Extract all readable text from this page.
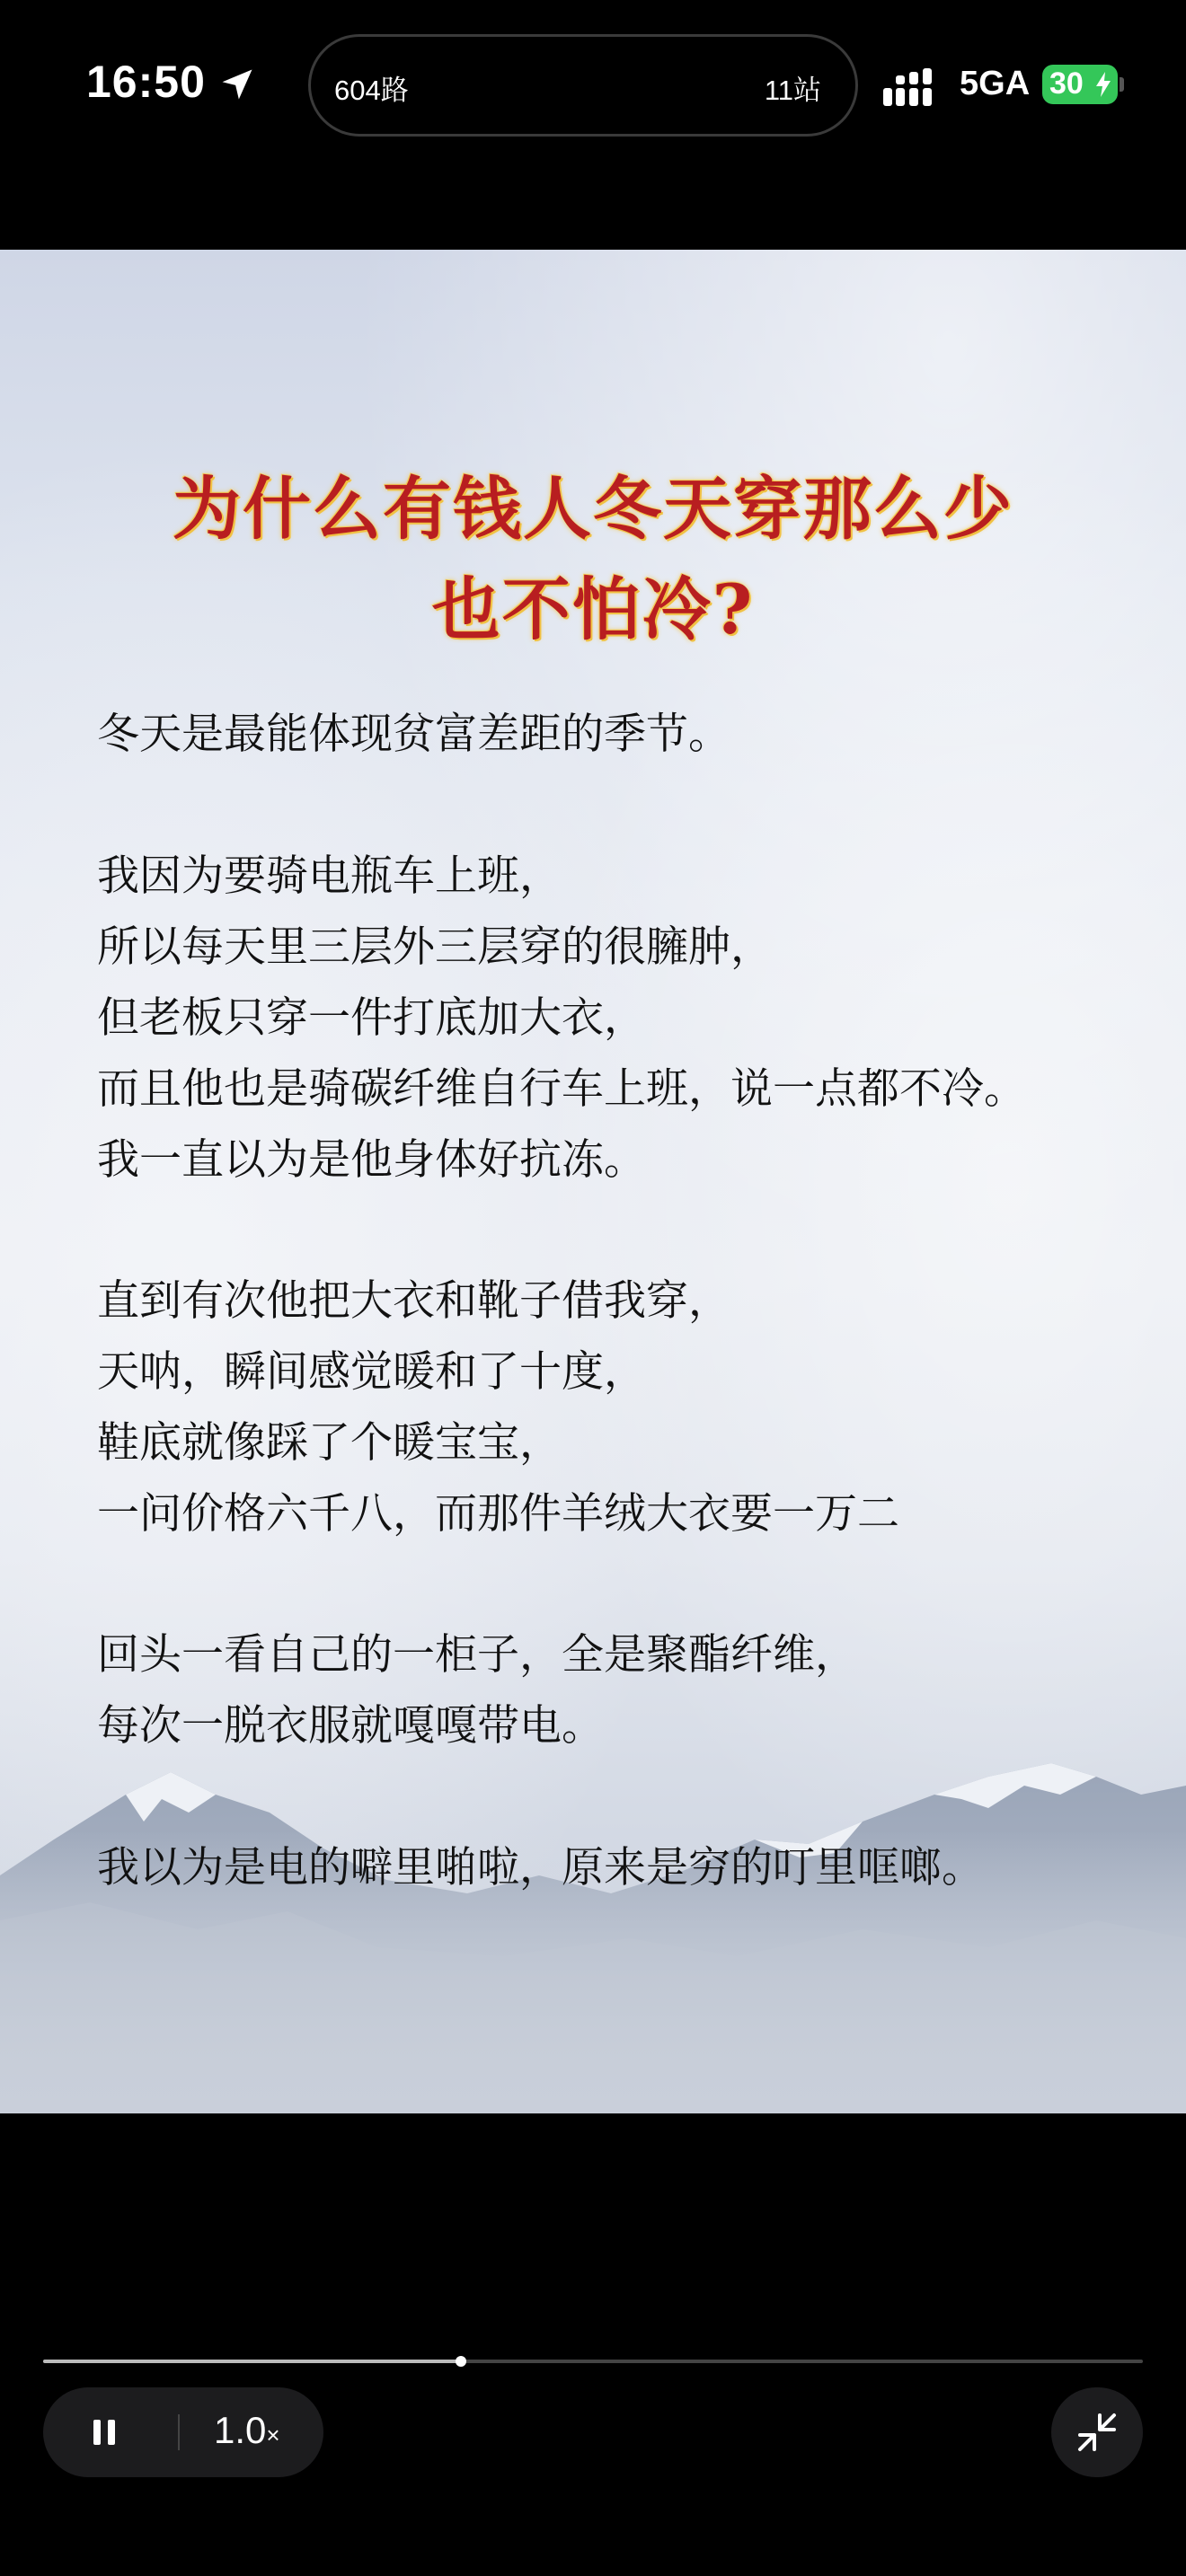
16:50	604路	11站	5GA 30
为什么有钱人冬天穿那么少
也不怕冷?
冬天是最能体现贫富差距的季节。
我因为要骑电瓶车上班，
所以每天里三层外三层穿的很臃肿，
但老板只穿一件打底加大衣，
而且他也是骑碳纤维自行车上班，说一点都不冷。
我一直以为是他身体好抗冻。
直到有次他把大衣和靴子借我穿，
天呐，瞬间感觉暖和了十度，
鞋底就像踩了个暖宝宝，
一问价格六千八，而那件羊绒大衣要一万二
回头一看自己的一柜子，全是聚酯纤维，
每次一脱衣服就嘎嘎带电。
我以为是电的噼里啪啦，原来是穷的叮里哐啷。
1.0×
